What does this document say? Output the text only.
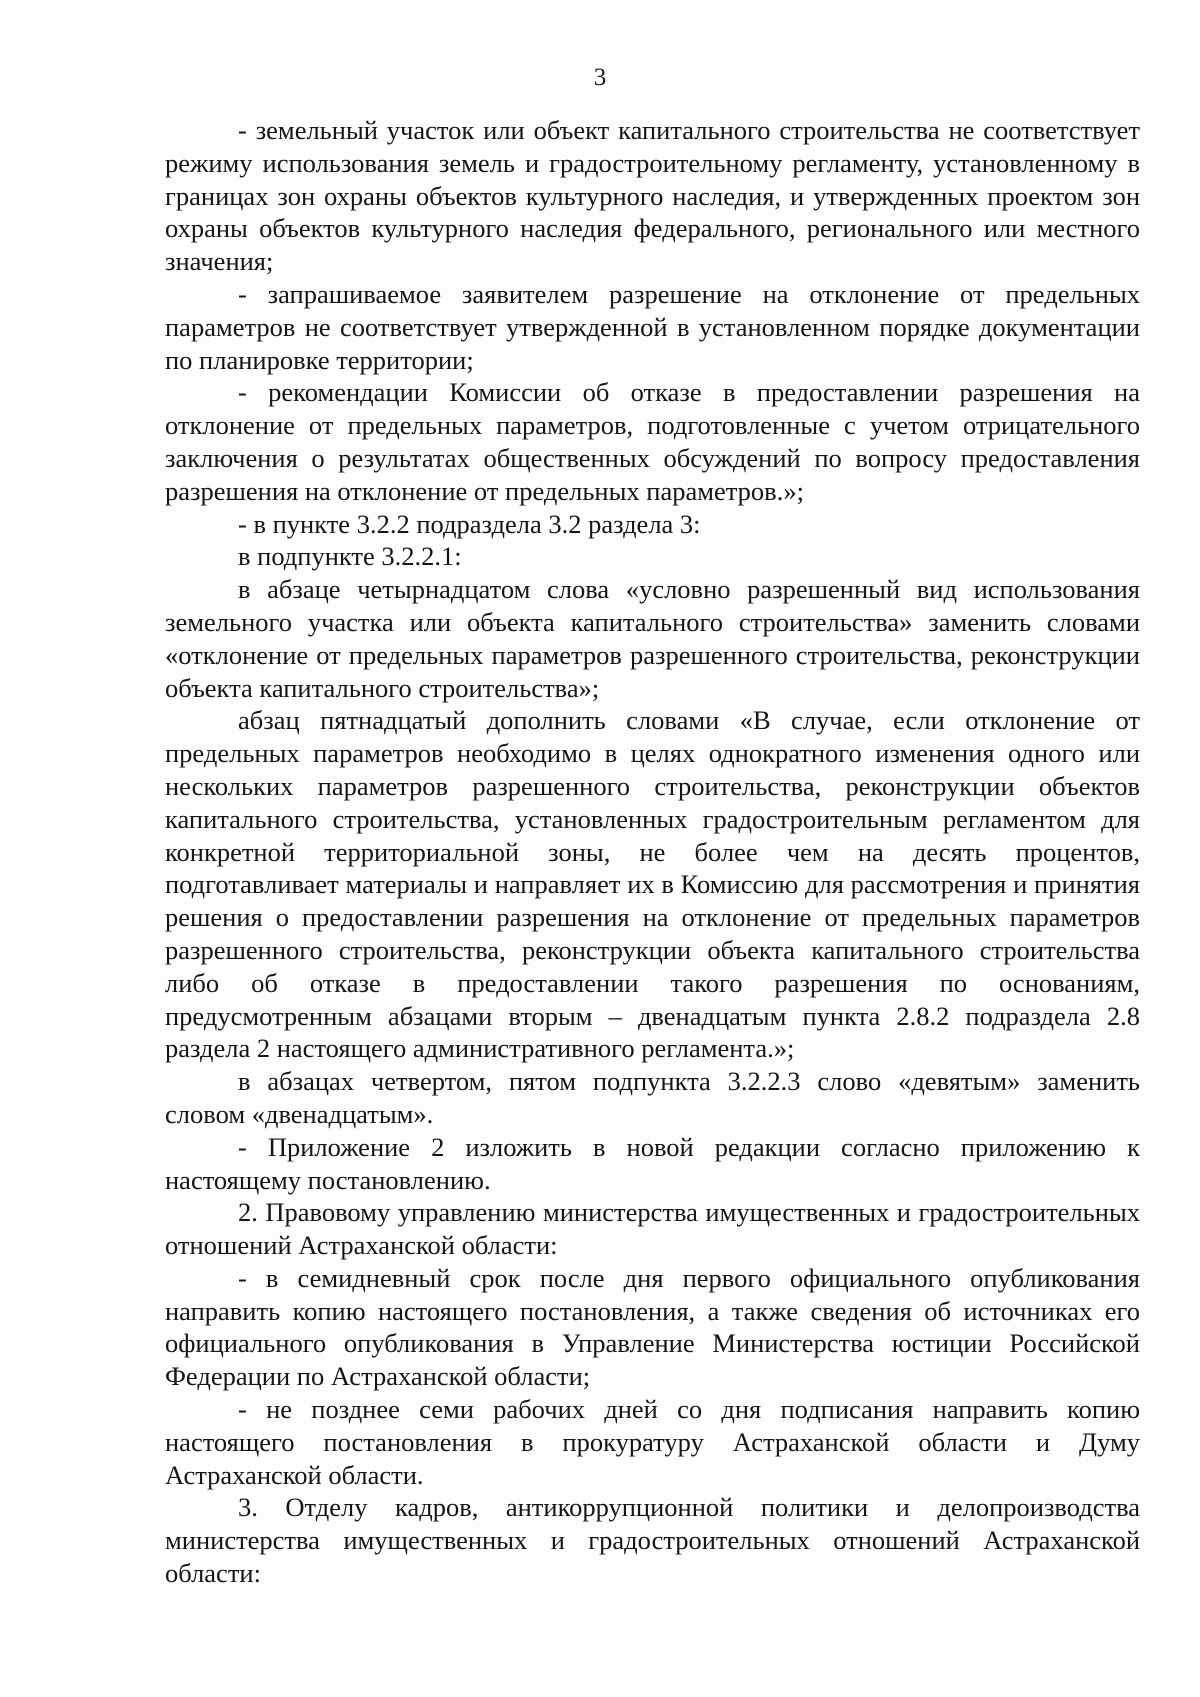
3

- земельный участок или объект капитального строительства не соответствует режиму использования земель и градостроительному регламенту, установленному в границах зон охраны объектов культурного наследия, и утвержденных проектом зон охраны объектов культурного наследия федерального, регионального или местного значения;

- запрашиваемое заявителем разрешение на отклонение от предельных параметров не соответствует утвержденной в установленном порядке документации по планировке территории;

- рекомендации Комиссии об отказе в предоставлении разрешения на отклонение от предельных параметров, подготовленные с учетом отрицательного заключения о результатах общественных обсуждений по вопросу предоставления разрешения на отклонение от предельных параметров.»;

- в пункте 3.2.2 подраздела 3.2 раздела 3:

в подпункте 3.2.2.1:

в абзаце четырнадцатом слова «условно разрешенный вид использования земельного участка или объекта капитального строительства» заменить словами «отклонение от предельных параметров разрешенного строительства, реконструкции объекта капитального строительства»;

абзац пятнадцатый дополнить словами «В случае, если отклонение от предельных параметров необходимо в целях однократного изменения одного или нескольких параметров разрешенного строительства, реконструкции объектов капитального строительства, установленных градостроительным регламентом для конкретной территориальной зоны, не более чем на десять процентов, подготавливает материалы и направляет их в Комиссию для рассмотрения и принятия решения о предоставлении разрешения на отклонение от предельных параметров разрешенного строительства, реконструкции объекта капитального строительства либо об отказе в предоставлении такого разрешения по основаниям, предусмотренным абзацами вторым – двенадцатым пункта 2.8.2 подраздела 2.8 раздела 2 настоящего административного регламента.»;

в абзацах четвертом, пятом подпункта 3.2.2.3 слово «девятым» заменить словом «двенадцатым».

- Приложение 2 изложить в новой редакции согласно приложению к настоящему постановлению.

2. Правовому управлению министерства имущественных и градостроительных отношений Астраханской области:

- в семидневный срок после дня первого официального опубликования направить копию настоящего постановления, а также сведения об источниках его официального опубликования в Управление Министерства юстиции Российской Федерации по Астраханской области;

- не позднее семи рабочих дней со дня подписания направить копию настоящего постановления в прокуратуру Астраханской области и Думу Астраханской области.

3. Отделу кадров, антикоррупционной политики и делопроизводства министерства имущественных и градостроительных отношений Астраханской области:
